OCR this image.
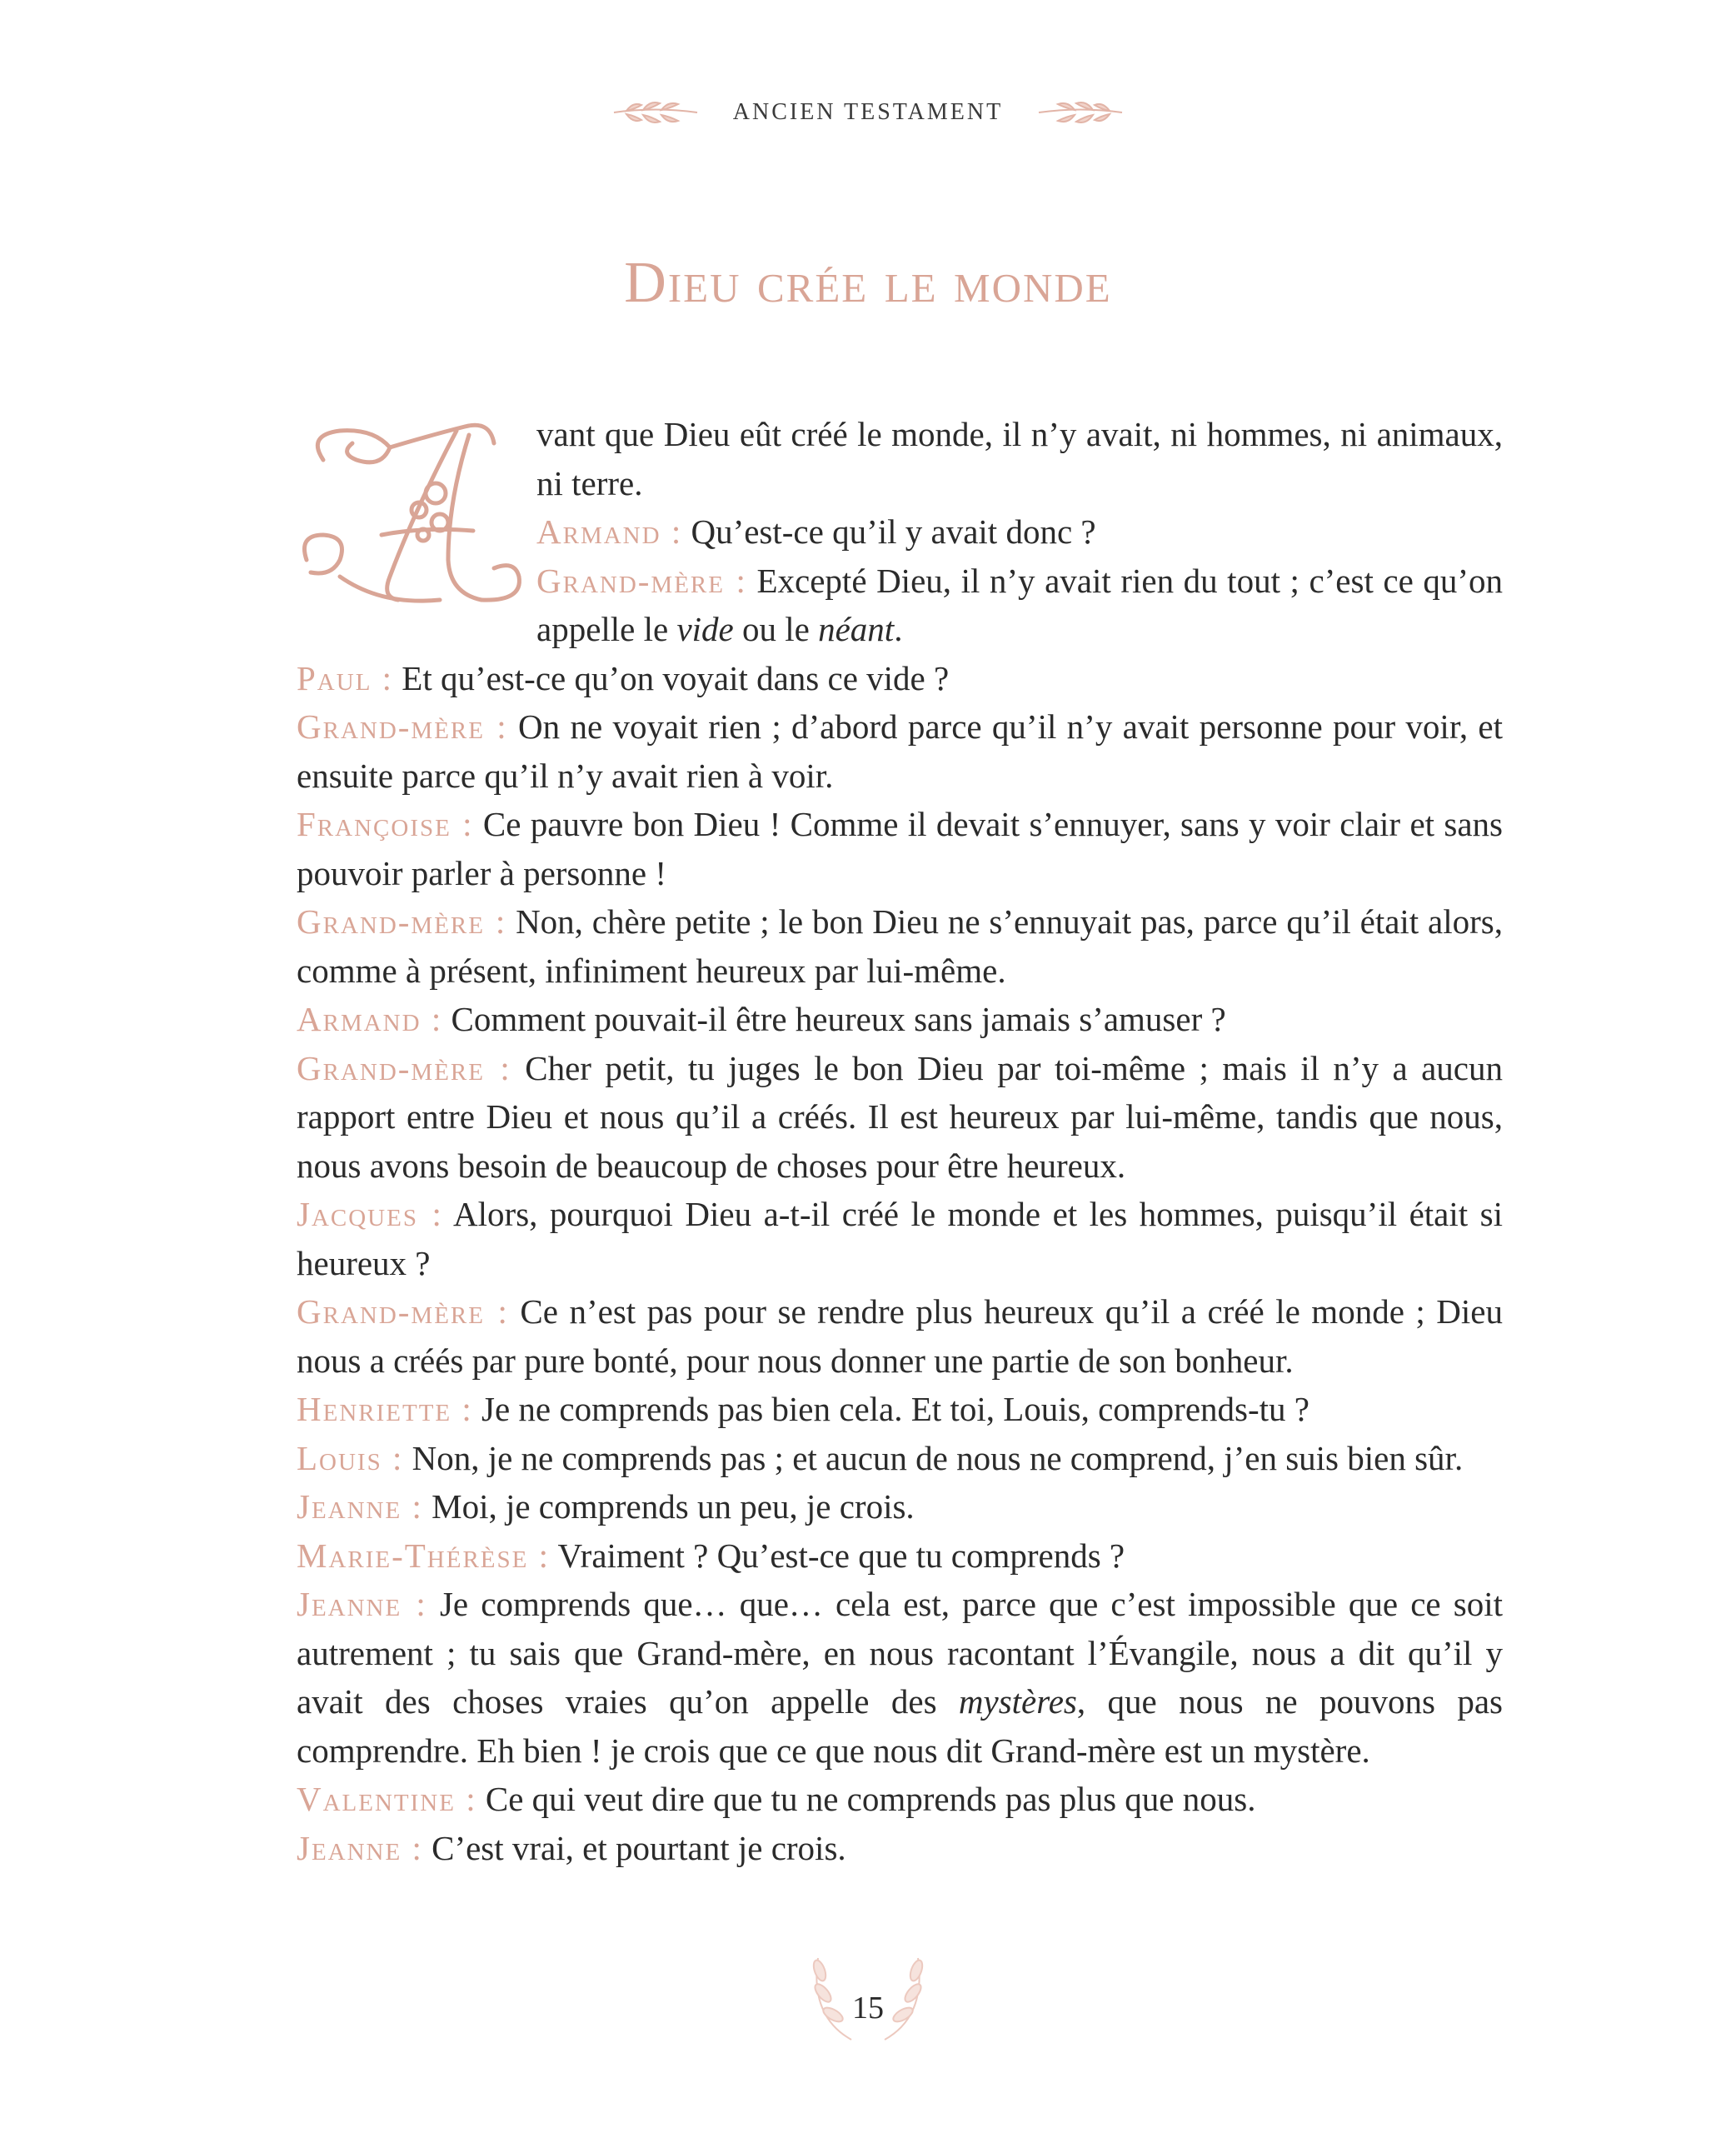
ANCIEN TESTAMENT
Dieu crée le monde

vant que Dieu eût créé le monde, il n’y avait, ni hommes, ni animaux, ni terre.

Armand : Qu’est-ce qu’il y avait donc ?

Grand-mère : Excepté Dieu, il n’y avait rien du tout ; c’est ce qu’on appelle le vide ou le néant.

Paul : Et qu’est-ce qu’on voyait dans ce vide ?

Grand-mère : On ne voyait rien ; d’abord parce qu’il n’y avait personne pour voir, et ensuite parce qu’il n’y avait rien à voir.

Françoise : Ce pauvre bon Dieu ! Comme il devait s’ennuyer, sans y voir clair et sans pouvoir parler à personne !

Grand-mère : Non, chère petite ; le bon Dieu ne s’ennuyait pas, parce qu’il était alors, comme à présent, infiniment heureux par lui-même.

Armand : Comment pouvait-il être heureux sans jamais s’amuser ?

Grand-mère : Cher petit, tu juges le bon Dieu par toi-même ; mais il n’y a aucun rapport entre Dieu et nous qu’il a créés. Il est heureux par lui-même, tandis que nous, nous avons besoin de beaucoup de choses pour être heureux.

Jacques : Alors, pourquoi Dieu a-t-il créé le monde et les hommes, puisqu’il était si heureux ?

Grand-mère : Ce n’est pas pour se rendre plus heureux qu’il a créé le monde ; Dieu nous a créés par pure bonté, pour nous donner une partie de son bonheur.

Henriette : Je ne comprends pas bien cela. Et toi, Louis, comprends-tu ?

Louis : Non, je ne comprends pas ; et aucun de nous ne comprend, j’en suis bien sûr.

Jeanne : Moi, je comprends un peu, je crois.

Marie-Thérèse : Vraiment ? Qu’est-ce que tu comprends ?

Jeanne : Je comprends que… que… cela est, parce que c’est impossible que ce soit autrement ; tu sais que Grand-mère, en nous racontant l’Évangile, nous a dit qu’il y avait des choses vraies qu’on appelle des mystères, que nous ne pouvons pas comprendre. Eh bien ! je crois que ce que nous dit Grand-mère est un mystère.

Valentine : Ce qui veut dire que tu ne comprends pas plus que nous.

Jeanne : C’est vrai, et pourtant je crois.

15
